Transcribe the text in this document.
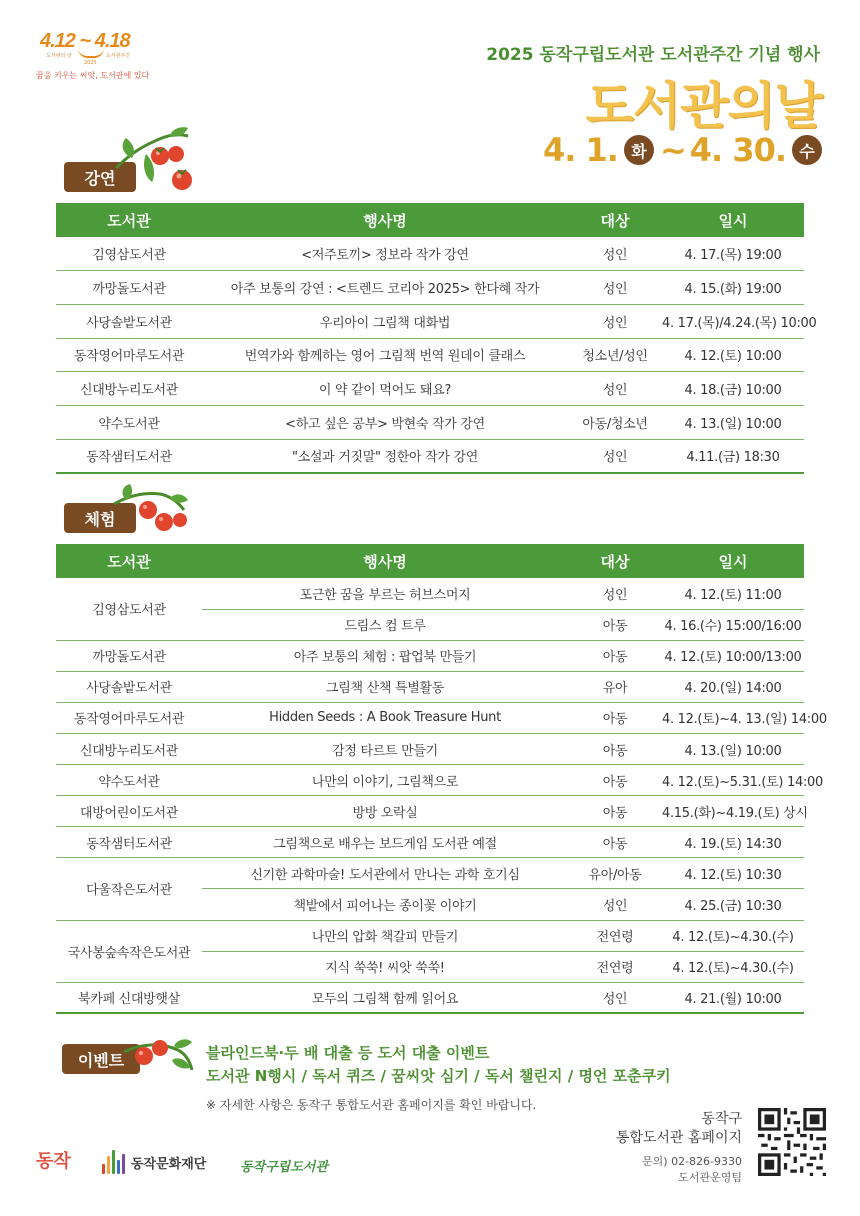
4.12 ~ 4.18
도서관의 날	도서관주간
2025
꿈을 키우는 씨앗, 도서관에 있다
2025 동작구립도서관 도서관주간 기념 행사
도서관의날
4. 1. 화 ~ 4. 30. 수
강연
도서관	행사명	대상	일시
김영삼도서관	<저주토끼> 정보라 작가 강연	성인	4. 17.(목) 19:00
까망돌도서관	아주 보통의 강연 : <트렌드 코리아 2025> 한다혜 작가	성인	4. 15.(화) 19:00
사당솔밭도서관	우리아이 그림책 대화법	성인	4. 17.(목)/4.24.(목) 10:00
동작영어마루도서관	번역가와 함께하는 영어 그림책 번역 원데이 클래스	청소년/성인	4. 12.(토) 10:00
신대방누리도서관	이 약 같이 먹어도 돼요?	성인	4. 18.(금) 10:00
약수도서관	<하고 싶은 공부> 박현숙 작가 강연	아동/청소년	4. 13.(일) 10:00
동작샘터도서관	"소설과 거짓말" 정한아 작가 강연	성인	4.11.(금) 18:30
체험
도서관	행사명	대상	일시
김영삼도서관	포근한 꿈을 부르는 허브스머지	성인	4. 12.(토) 11:00
	드림스 컴 트루	아동	4. 16.(수) 15:00/16:00
까망돌도서관	아주 보통의 체험 : 팝업북 만들기	아동	4. 12.(토) 10:00/13:00
사당솔밭도서관	그림책 산책 특별활동	유아	4. 20.(일) 14:00
동작영어마루도서관	Hidden Seeds : A Book Treasure Hunt	아동	4. 12.(토)~4. 13.(일) 14:00
신대방누리도서관	감정 타르트 만들기	아동	4. 13.(일) 10:00
약수도서관	나만의 이야기, 그림책으로	아동	4. 12.(토)~5.31.(토) 14:00
대방어린이도서관	방방 오락실	아동	4.15.(화)~4.19.(토) 상시
동작샘터도서관	그림책으로 배우는 보드게임 도서관 예절	아동	4. 19.(토) 14:30
다울작은도서관	신기한 과학마술! 도서관에서 만나는 과학 호기심	유아/아동	4. 12.(토) 10:30
	책밭에서 피어나는 종이꽃 이야기	성인	4. 25.(금) 10:30
국사봉숲속작은도서관	나만의 압화 책갈피 만들기	전연령	4. 12.(토)~4.30.(수)
	지식 쑥쑥! 씨앗 쑥쑥!	전연령	4. 12.(토)~4.30.(수)
북카페 신대방햇살	모두의 그림책 함께 읽어요	성인	4. 21.(월) 10:00
이벤트	블라인드북·두 배 대출 등 도서 대출 이벤트
도서관 N행시 / 독서 퀴즈 / 꿈씨앗 심기 / 독서 챌린지 / 명언 포춘쿠키
※ 자세한 사항은 동작구 통합도서관 홈페이지를 확인 바랍니다.
동작	동작문화재단	동작구립도서관
동작구
통합도서관 홈페이지
문의) 02-826-9330
도서관운영팀
